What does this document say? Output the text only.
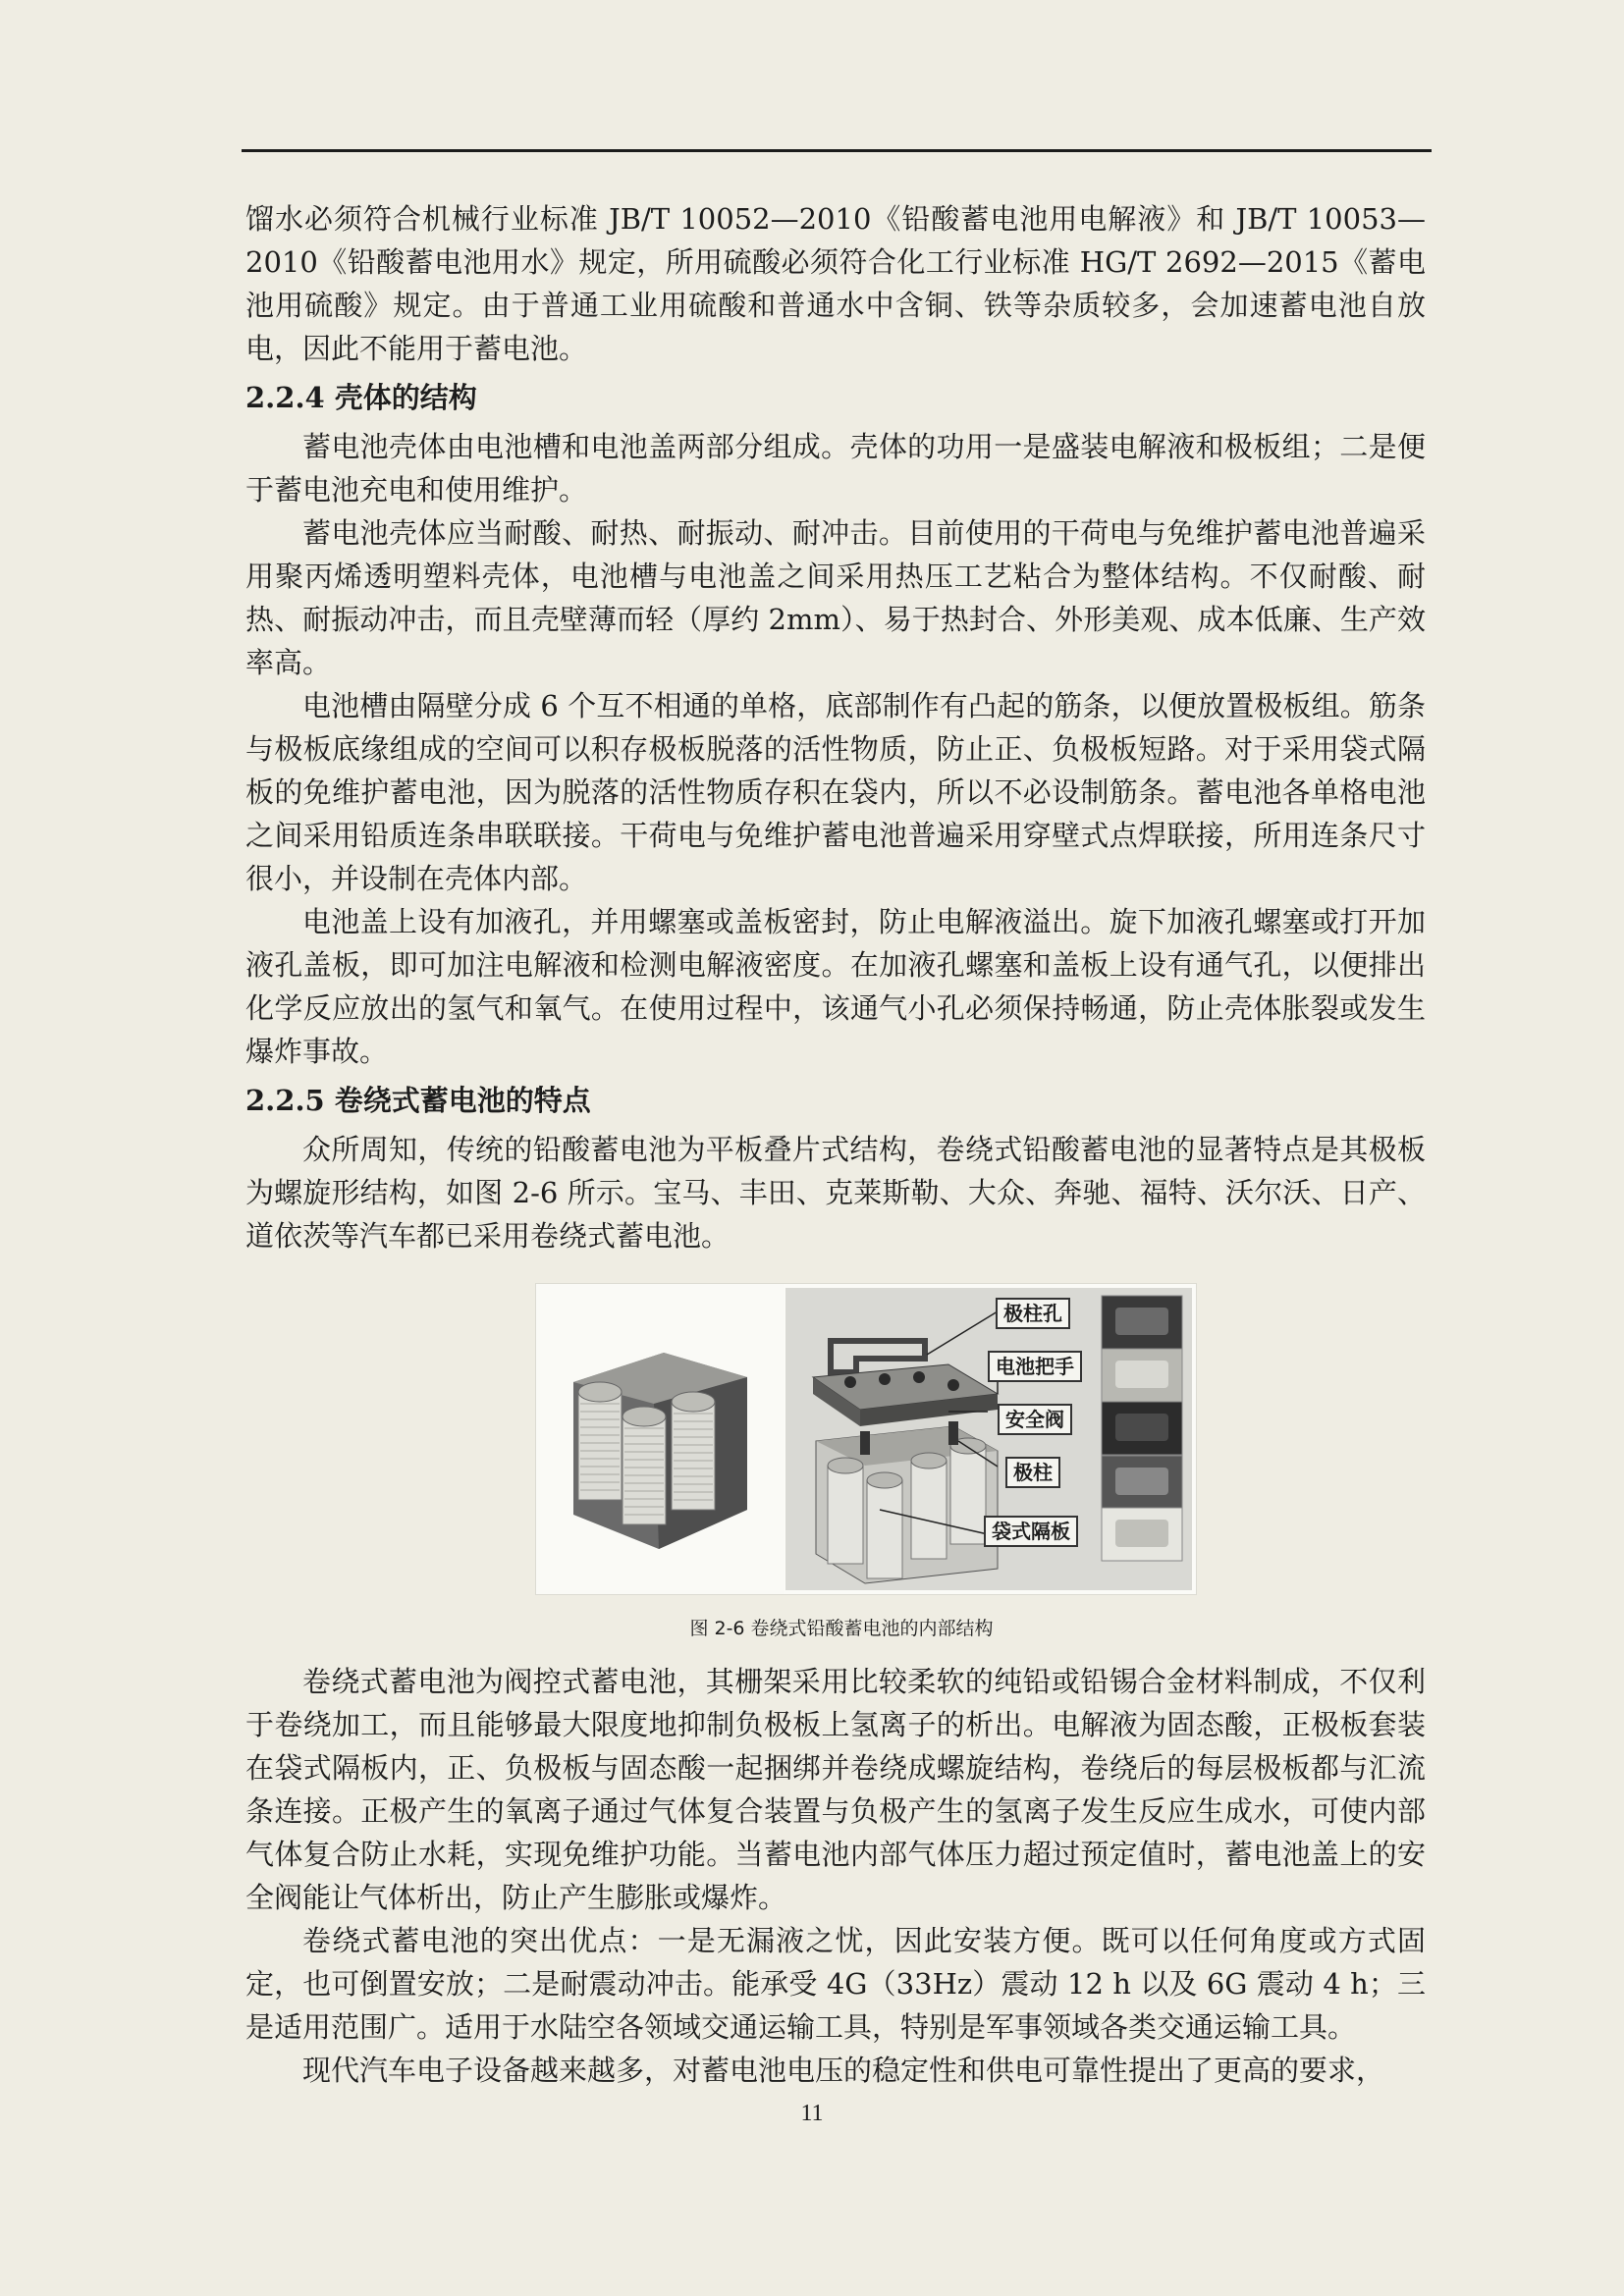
馏水必须符合机械行业标准 JB/T 10052—2010《铅酸蓄电池用电解液》和 JB/T 10053—2010《铅酸蓄电池用水》规定，所用硫酸必须符合化工行业标准 HG/T 2692—2015《蓄电池用硫酸》规定。由于普通工业用硫酸和普通水中含铜、铁等杂质较多，会加速蓄电池自放电，因此不能用于蓄电池。

2.2.4 壳体的结构

蓄电池壳体由电池槽和电池盖两部分组成。壳体的功用一是盛装电解液和极板组；二是便于蓄电池充电和使用维护。

蓄电池壳体应当耐酸、耐热、耐振动、耐冲击。目前使用的干荷电与免维护蓄电池普遍采用聚丙烯透明塑料壳体，电池槽与电池盖之间采用热压工艺粘合为整体结构。不仅耐酸、耐热、耐振动冲击，而且壳壁薄而轻（厚约 2mm）、易于热封合、外形美观、成本低廉、生产效率高。

电池槽由隔壁分成 6 个互不相通的单格，底部制作有凸起的筋条，以便放置极板组。筋条与极板底缘组成的空间可以积存极板脱落的活性物质，防止正、负极板短路。对于采用袋式隔板的免维护蓄电池，因为脱落的活性物质存积在袋内，所以不必设制筋条。蓄电池各单格电池之间采用铅质连条串联联接。干荷电与免维护蓄电池普遍采用穿壁式点焊联接，所用连条尺寸很小，并设制在壳体内部。

电池盖上设有加液孔，并用螺塞或盖板密封，防止电解液溢出。旋下加液孔螺塞或打开加液孔盖板，即可加注电解液和检测电解液密度。在加液孔螺塞和盖板上设有通气孔，以便排出化学反应放出的氢气和氧气。在使用过程中，该通气小孔必须保持畅通，防止壳体胀裂或发生爆炸事故。

2.2.5 卷绕式蓄电池的特点

众所周知，传统的铅酸蓄电池为平板叠片式结构，卷绕式铅酸蓄电池的显著特点是其极板为螺旋形结构，如图 2-6 所示。宝马、丰田、克莱斯勒、大众、奔驰、福特、沃尔沃、日产、道依茨等汽车都已采用卷绕式蓄电池。

极柱孔
电池把手
安全阀
极柱
袋式隔板
图 2-6 卷绕式铅酸蓄电池的内部结构

卷绕式蓄电池为阀控式蓄电池，其栅架采用比较柔软的纯铅或铅锡合金材料制成，不仅利于卷绕加工，而且能够最大限度地抑制负极板上氢离子的析出。电解液为固态酸，正极板套装在袋式隔板内，正、负极板与固态酸一起捆绑并卷绕成螺旋结构，卷绕后的每层极板都与汇流条连接。正极产生的氧离子通过气体复合装置与负极产生的氢离子发生反应生成水，可使内部气体复合防止水耗，实现免维护功能。当蓄电池内部气体压力超过预定值时，蓄电池盖上的安全阀能让气体析出，防止产生膨胀或爆炸。

卷绕式蓄电池的突出优点：一是无漏液之忧，因此安装方便。既可以任何角度或方式固定，也可倒置安放；二是耐震动冲击。能承受 4G（33Hz）震动 12 h 以及 6G 震动 4 h；三是适用范围广。适用于水陆空各领域交通运输工具，特别是军事领域各类交通运输工具。

现代汽车电子设备越来越多，对蓄电池电压的稳定性和供电可靠性提出了更高的要求，

11
